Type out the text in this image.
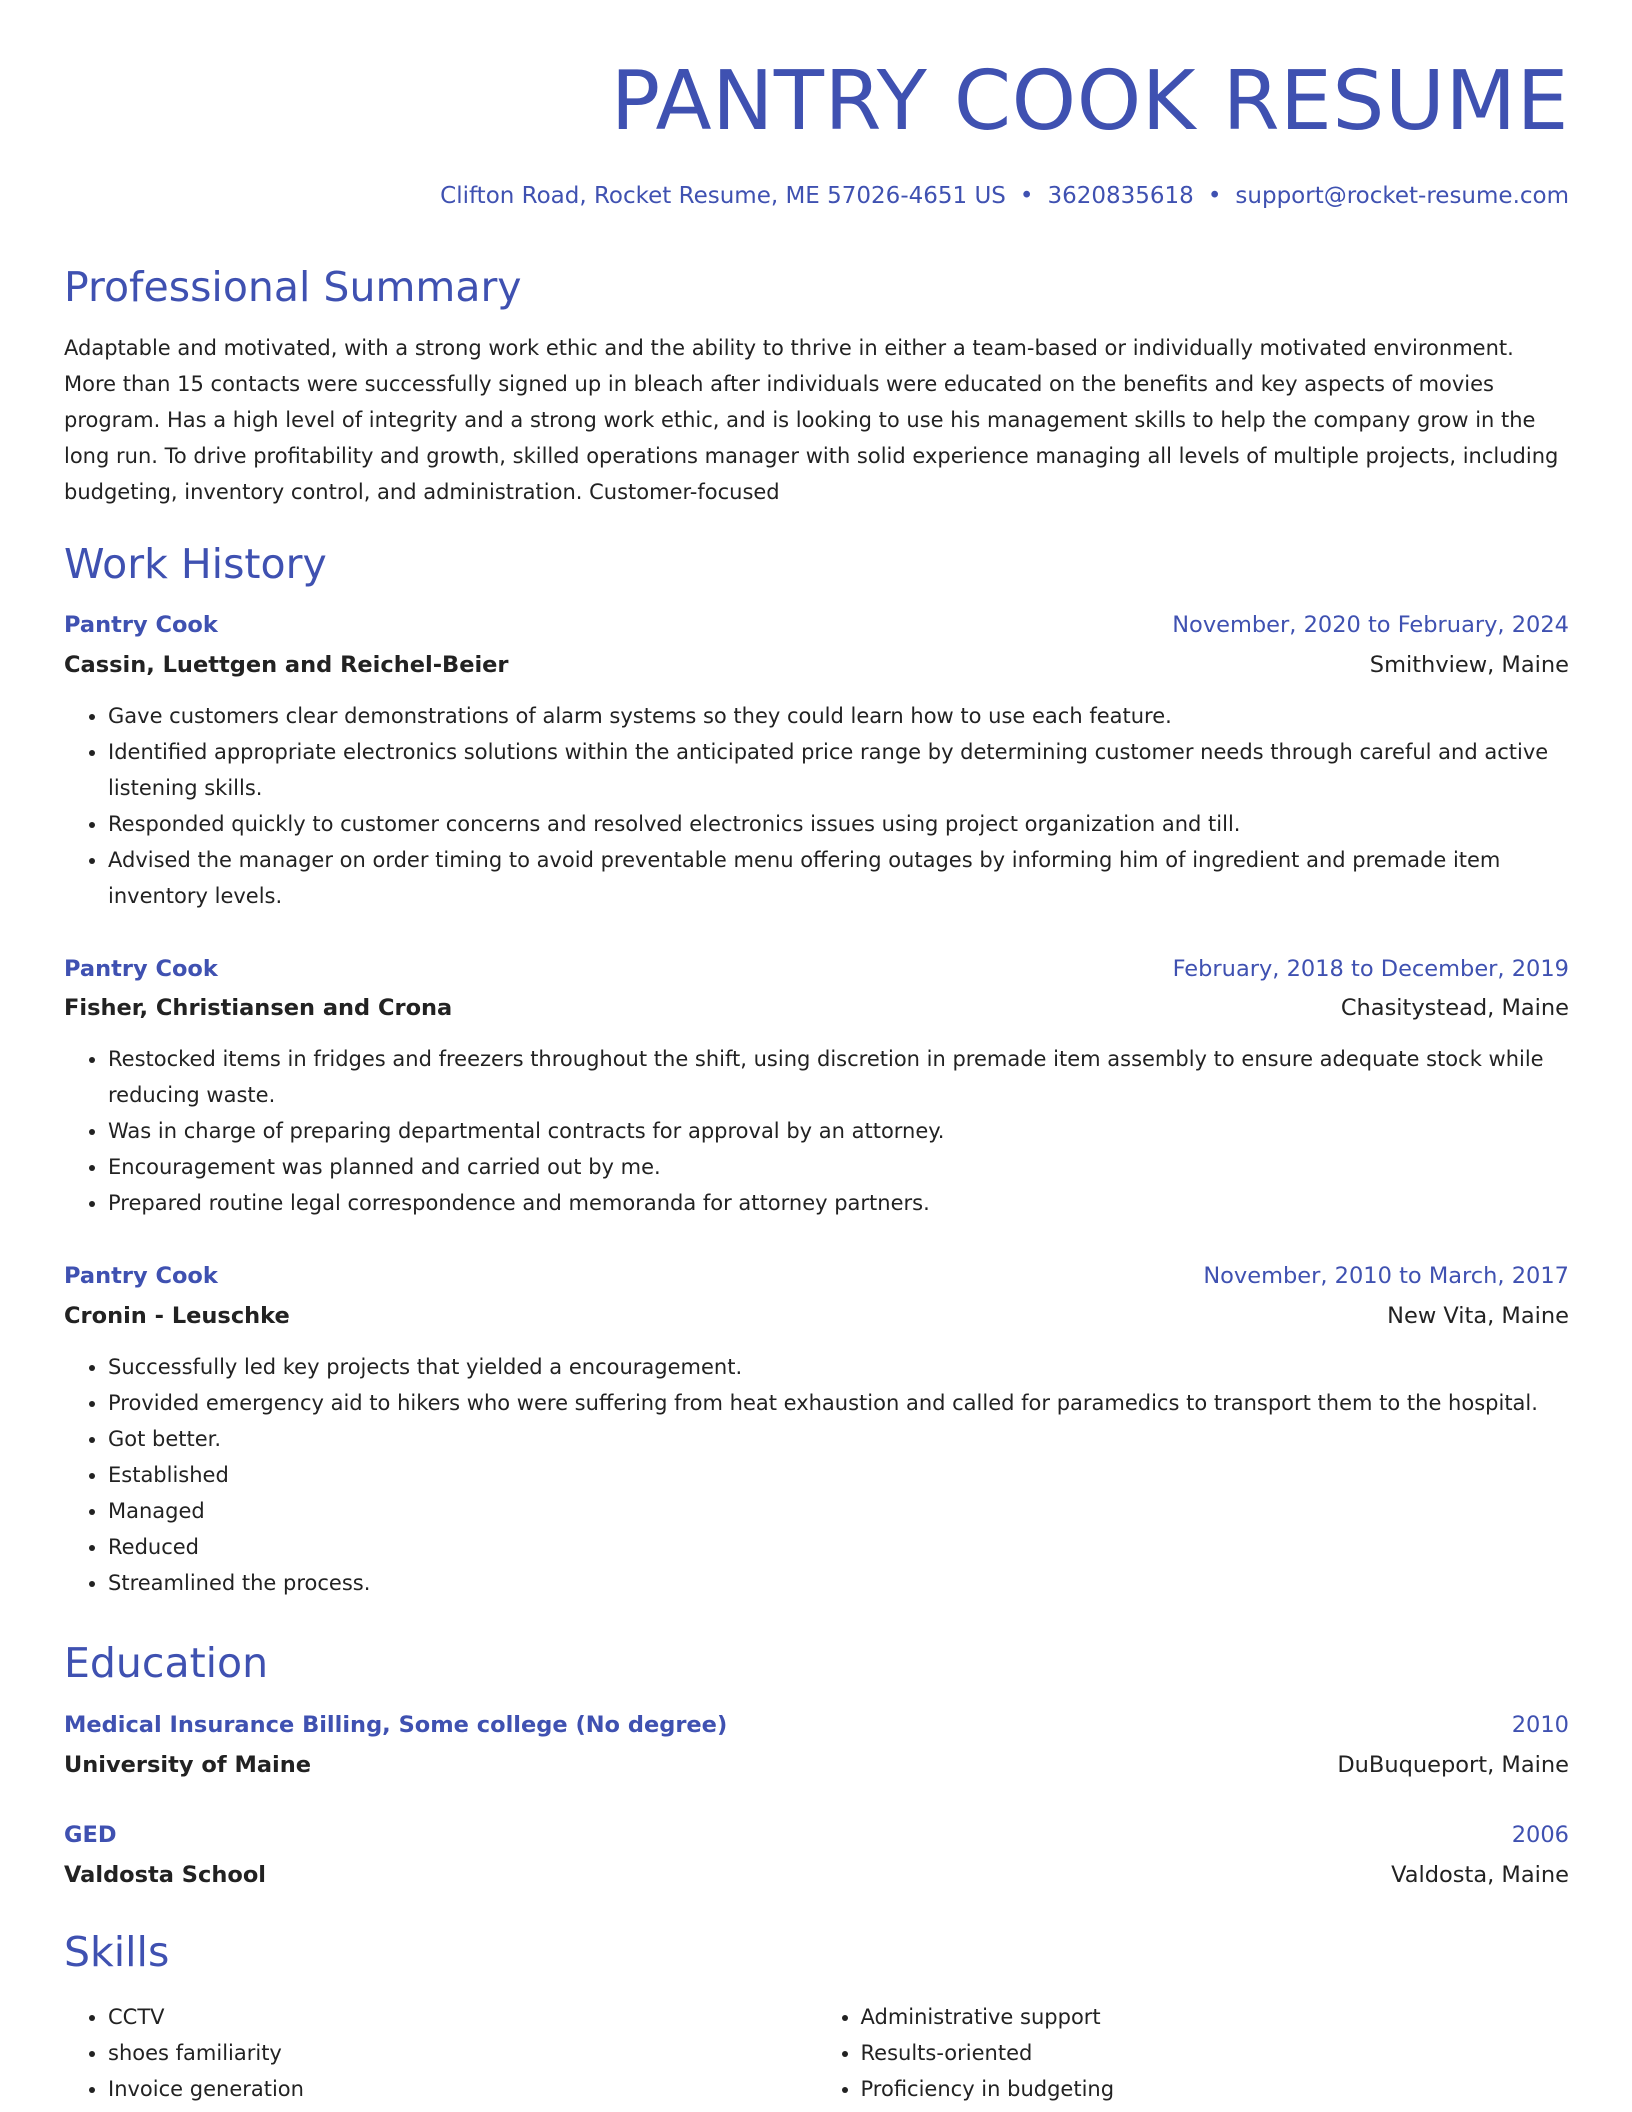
PANTRY COOK RESUME
Clifton Road, Rocket Resume, ME 57026-4651 US • 3620835618 • support@rocket-resume.com
Professional Summary

Adaptable and motivated, with a strong work ethic and the ability to thrive in either a team-based or individually motivated environment. More than 15 contacts were successfully signed up in bleach after individuals were educated on the benefits and key aspects of movies program. Has a high level of integrity and a strong work ethic, and is looking to use his management skills to help the company grow in the long run. To drive profitability and growth, skilled operations manager with solid experience managing all levels of multiple projects, including budgeting, inventory control, and administration. Customer-focused

Work History
Pantry Cook	November, 2020 to February, 2024
Cassin, Luettgen and Reichel-Beier	Smithview, Maine
• Gave customers clear demonstrations of alarm systems so they could learn how to use each feature.
• Identified appropriate electronics solutions within the anticipated price range by determining customer needs through careful and active listening skills.
• Responded quickly to customer concerns and resolved electronics issues using project organization and till.
• Advised the manager on order timing to avoid preventable menu offering outages by informing him of ingredient and premade item inventory levels.
Pantry Cook	February, 2018 to December, 2019
Fisher, Christiansen and Crona	Chasitystead, Maine
• Restocked items in fridges and freezers throughout the shift, using discretion in premade item assembly to ensure adequate stock while reducing waste.
• Was in charge of preparing departmental contracts for approval by an attorney.
• Encouragement was planned and carried out by me.
• Prepared routine legal correspondence and memoranda for attorney partners.
Pantry Cook	November, 2010 to March, 2017
Cronin - Leuschke	New Vita, Maine
• Successfully led key projects that yielded a encouragement.
• Provided emergency aid to hikers who were suffering from heat exhaustion and called for paramedics to transport them to the hospital.
• Got better.
• Established
• Managed
• Reduced
• Streamlined the process.
Education
Medical Insurance Billing, Some college (No degree)	2010
University of Maine	DuBuqueport, Maine
GED	2006
Valdosta School	Valdosta, Maine
Skills
• CCTV
• shoes familiarity
• Invoice generation
• Administrative support
• Results-oriented
• Proficiency in budgeting
